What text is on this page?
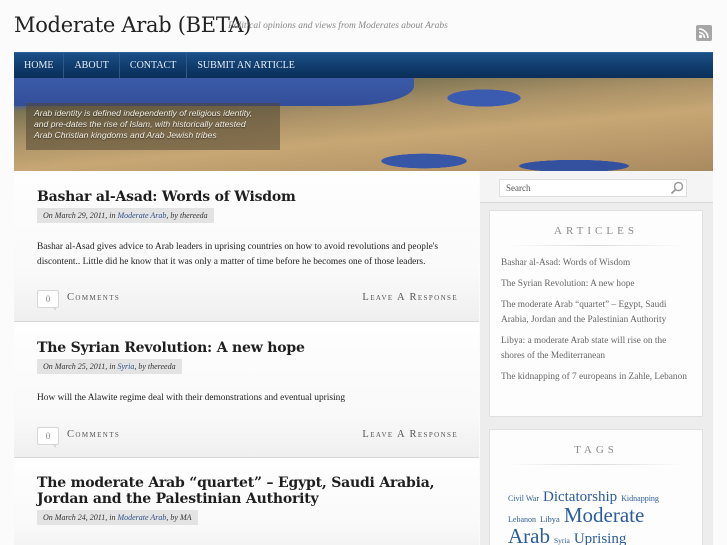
Moderate Arab (BETA)
Political opinions and views from Moderates about Arabs
HOME	ABOUT	CONTACT	SUBMIT AN ARTICLE

Arab identity is defined independently of religious identity,

and pre-dates the rise of Islam, with historically attested

Arab Christian kingdoms and Arab Jewish tribes

Bashar al-Asad: Words of Wisdom
On March 29, 2011, in Moderate Arab, by thereeda

Bashar al-Asad gives advice to Arab leaders in uprising countries on how to avoid revolutions and people's discontent.. Little did he know that it was only a matter of time before he becomes one of those leaders.

0	Comments	Leave A Response
The Syrian Revolution: A new hope
On March 25, 2011, in Syria, by thereeda

How will the Alawite regime deal with their demonstrations and eventual uprising

0	Comments	Leave A Response
The moderate Arab “quartet” – Egypt, Saudi Arabia, Jordan and the Palestinian Authority
On March 24, 2011, in Moderate Arab, by MA
Search
ARTICLES
Bashar al-Asad: Words of Wisdom
The Syrian Revolution: A new hope
The moderate Arab “quartet” – Egypt, Saudi Arabia, Jordan and the Palestinian Authority
Libya: a moderate Arab state will rise on the shores of the Mediterranean
The kidnapping of 7 europeans in Zahle, Lebanon
TAGS
Civil War Dictatorship Kidnapping Lebanon Libya Moderate Arab Syria Uprising
